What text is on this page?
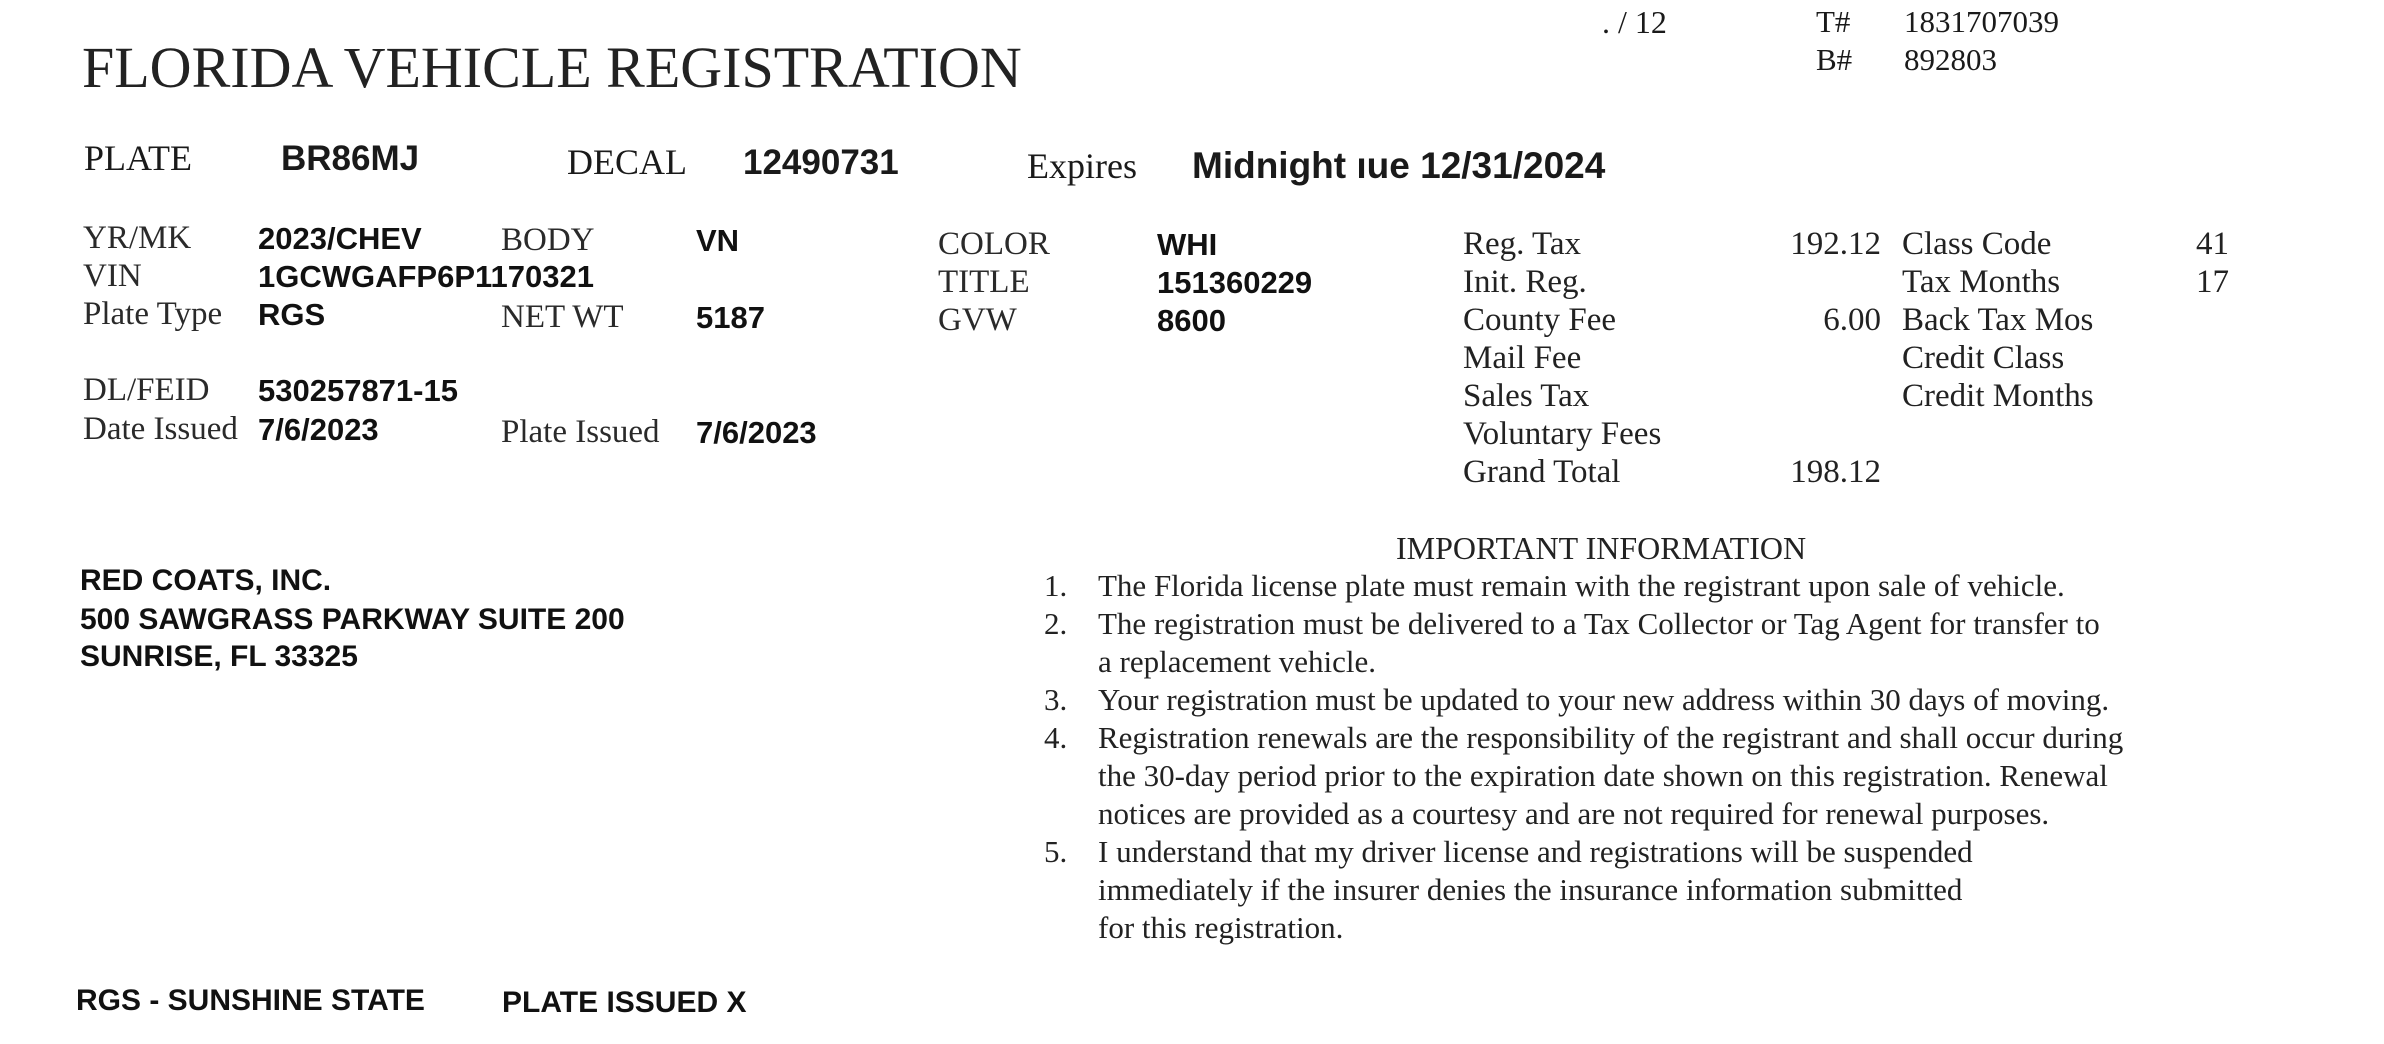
. / 12	T# 1831707039
B# 892803
FLORIDA VEHICLE REGISTRATION
PLATE	BR86MJ	DECAL 12490731	Expires Midnight ıue 12/31/2024
YR/MK 2023/CHEV BODY	VN
VIN	1GCWGAFP6P1170321
Plate Type RGS	NET WT 5187
DL/FEID 530257871-15
Date Issued 7/6/2023	Plate Issued 7/6/2023
COLOR	WHI
TITLE	151360229
GVW	8600
Reg. Tax	192.12
Init. Reg.
County Fee	6.00
Mail Fee
Sales Tax
Voluntary Fees
Grand Total	198.12
Class Code	41
Tax Months	17
Back Tax Mos
Credit Class
Credit Months
RED COATS, INC.
500 SAWGRASS PARKWAY SUITE 200
SUNRISE, FL 33325
IMPORTANT INFORMATION
1. The Florida license plate must remain with the registrant upon sale of vehicle.
2. The registration must be delivered to a Tax Collector or Tag Agent for transfer to
a replacement vehicle.
3. Your registration must be updated to your new address within 30 days of moving.
4. Registration renewals are the responsibility of the registrant and shall occur during
the 30-day period prior to the expiration date shown on this registration. Renewal
notices are provided as a courtesy and are not required for renewal purposes.
5. I understand that my driver license and registrations will be suspended
immediately if the insurer denies the insurance information submitted
for this registration.
RGS - SUNSHINE STATE	PLATE ISSUED X
